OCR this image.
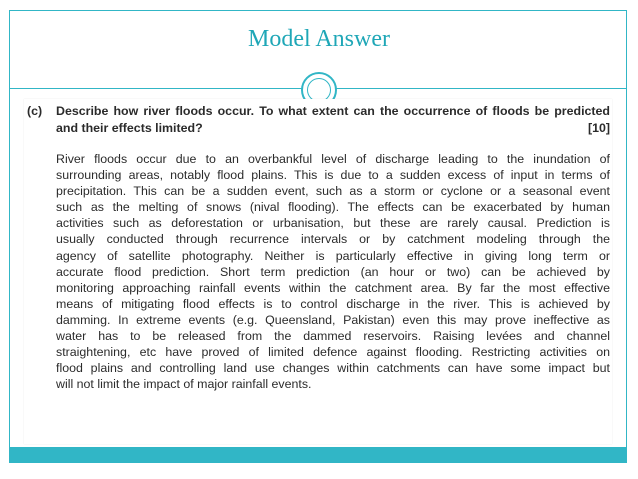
Model Answer
(c) Describe how river floods occur. To what extent can the occurrence of floods be predicted and their effects limited?	[10]
River floods occur due to an overbankful level of discharge leading to the inundation of
surrounding areas, notably flood plains. This is due to a sudden excess of input in terms of
precipitation. This can be a sudden event, such as a storm or cyclone or a seasonal event
such as the melting of snows (nival flooding). The effects can be exacerbated by human
activities such as deforestation or urbanisation, but these are rarely causal. Prediction is
usually conducted through recurrence intervals or by catchment modeling through the
agency of satellite photography. Neither is particularly effective in giving long term or
accurate flood prediction. Short term prediction (an hour or two) can be achieved by
monitoring approaching rainfall events within the catchment area. By far the most effective
means of mitigating flood effects is to control discharge in the river. This is achieved by
damming. In extreme events (e.g. Queensland, Pakistan) even this may prove ineffective as
water has to be released from the dammed reservoirs. Raising levées and channel
straightening, etc have proved of limited defence against flooding. Restricting activities on
flood plains and controlling land use changes within catchments can have some impact but
will not limit the impact of major rainfall events.
